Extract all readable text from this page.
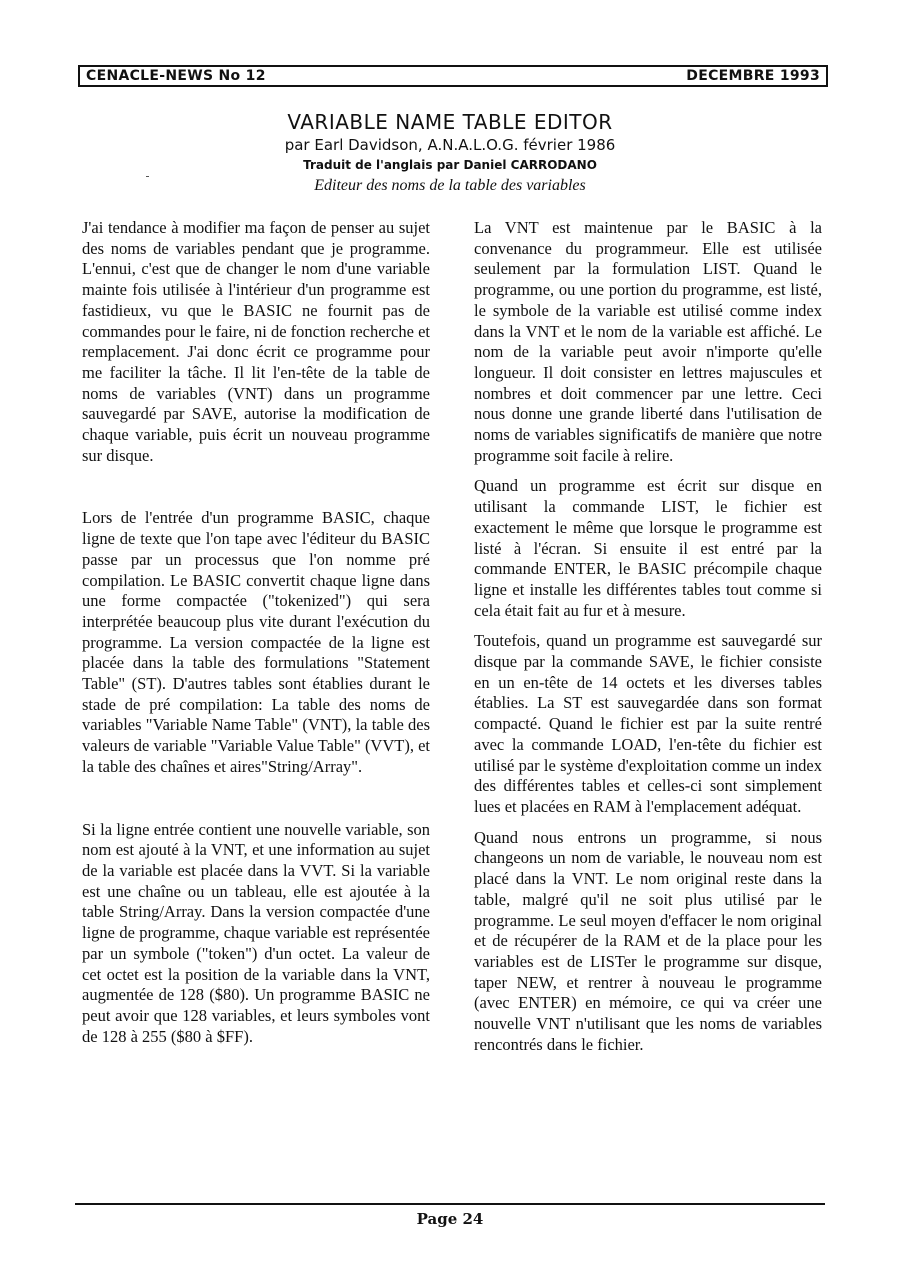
CENACLE-NEWS No 12	DECEMBRE 1993
VARIABLE NAME TABLE EDITOR
par Earl Davidson, A.N.A.L.O.G. février 1986
Traduit de l'anglais par Daniel CARRODANO
Editeur des noms de la table des variables

J'ai tendance à modifier ma façon de penser au sujet des noms de variables pendant que je programme. L'ennui, c'est que de changer le nom d'une variable mainte fois utilisée à l'intérieur d'un programme est fastidieux, vu que le BASIC ne fournit pas de commandes pour le faire, ni de fonction recherche et remplacement. J'ai donc écrit ce programme pour me faciliter la tâche. Il lit l'en-tête de la table de noms de variables (VNT) dans un programme sauvegardé par SAVE, autorise la modification de chaque variable, puis écrit un nouveau programme sur disque.

Lors de l'entrée d'un programme BASIC, chaque ligne de texte que l'on tape avec l'éditeur du BASIC passe par un processus que l'on nomme pré compilation. Le BASIC convertit chaque ligne dans une forme compactée ("tokenized") qui sera interprétée beaucoup plus vite durant l'exécution du programme. La version compactée de la ligne est placée dans la table des formulations "Statement Table" (ST). D'autres tables sont établies durant le stade de pré compilation: La table des noms de variables "Variable Name Table" (VNT), la table des valeurs de variable "Variable Value Table" (VVT), et la table des chaînes et aires"String/Array".

Si la ligne entrée contient une nouvelle variable, son nom est ajouté à la VNT, et une information au sujet de la variable est placée dans la VVT. Si la variable est une chaîne ou un tableau, elle est ajoutée à la table String/Array. Dans la version compactée d'une ligne de programme, chaque variable est représentée par un symbole ("token") d'un octet. La valeur de cet octet est la position de la variable dans la VNT, augmentée de 128 ($80). Un programme BASIC ne peut avoir que 128 variables, et leurs symboles vont de 128 à 255 ($80 à $FF).

La VNT est maintenue par le BASIC à la convenance du programmeur. Elle est utilisée seulement par la formulation LIST. Quand le programme, ou une portion du programme, est listé, le symbole de la variable est utilisé comme index dans la VNT et le nom de la variable est affiché. Le nom de la variable peut avoir n'importe qu'elle longueur. Il doit consister en lettres majuscules et nombres et doit commencer par une lettre. Ceci nous donne une grande liberté dans l'utilisation de noms de variables significatifs de manière que notre programme soit facile à relire.

Quand un programme est écrit sur disque en utilisant la commande LIST, le fichier est exactement le même que lorsque le programme est listé à l'écran. Si ensuite il est entré par la commande ENTER, le BASIC précompile chaque ligne et installe les différentes tables tout comme si cela était fait au fur et à mesure.

Toutefois, quand un programme est sauvegardé sur disque par la commande SAVE, le fichier consiste en un en-tête de 14 octets et les diverses tables établies. La ST est sauvegardée dans son format compacté. Quand le fichier est par la suite rentré avec la commande LOAD, l'en-tête du fichier est utilisé par le système d'exploitation comme un index des différentes tables et celles-ci sont simplement lues et placées en RAM à l'emplacement adéquat.

Quand nous entrons un programme, si nous changeons un nom de variable, le nouveau nom est placé dans la VNT. Le nom original reste dans la table, malgré qu'il ne soit plus utilisé par le programme. Le seul moyen d'effacer le nom original et de récupérer de la RAM et de la place pour les variables est de LISTer le programme sur disque, taper NEW, et rentrer à nouveau le programme (avec ENTER) en mémoire, ce qui va créer une nouvelle VNT n'utilisant que les noms de variables rencontrés dans le fichier.

Page 24
